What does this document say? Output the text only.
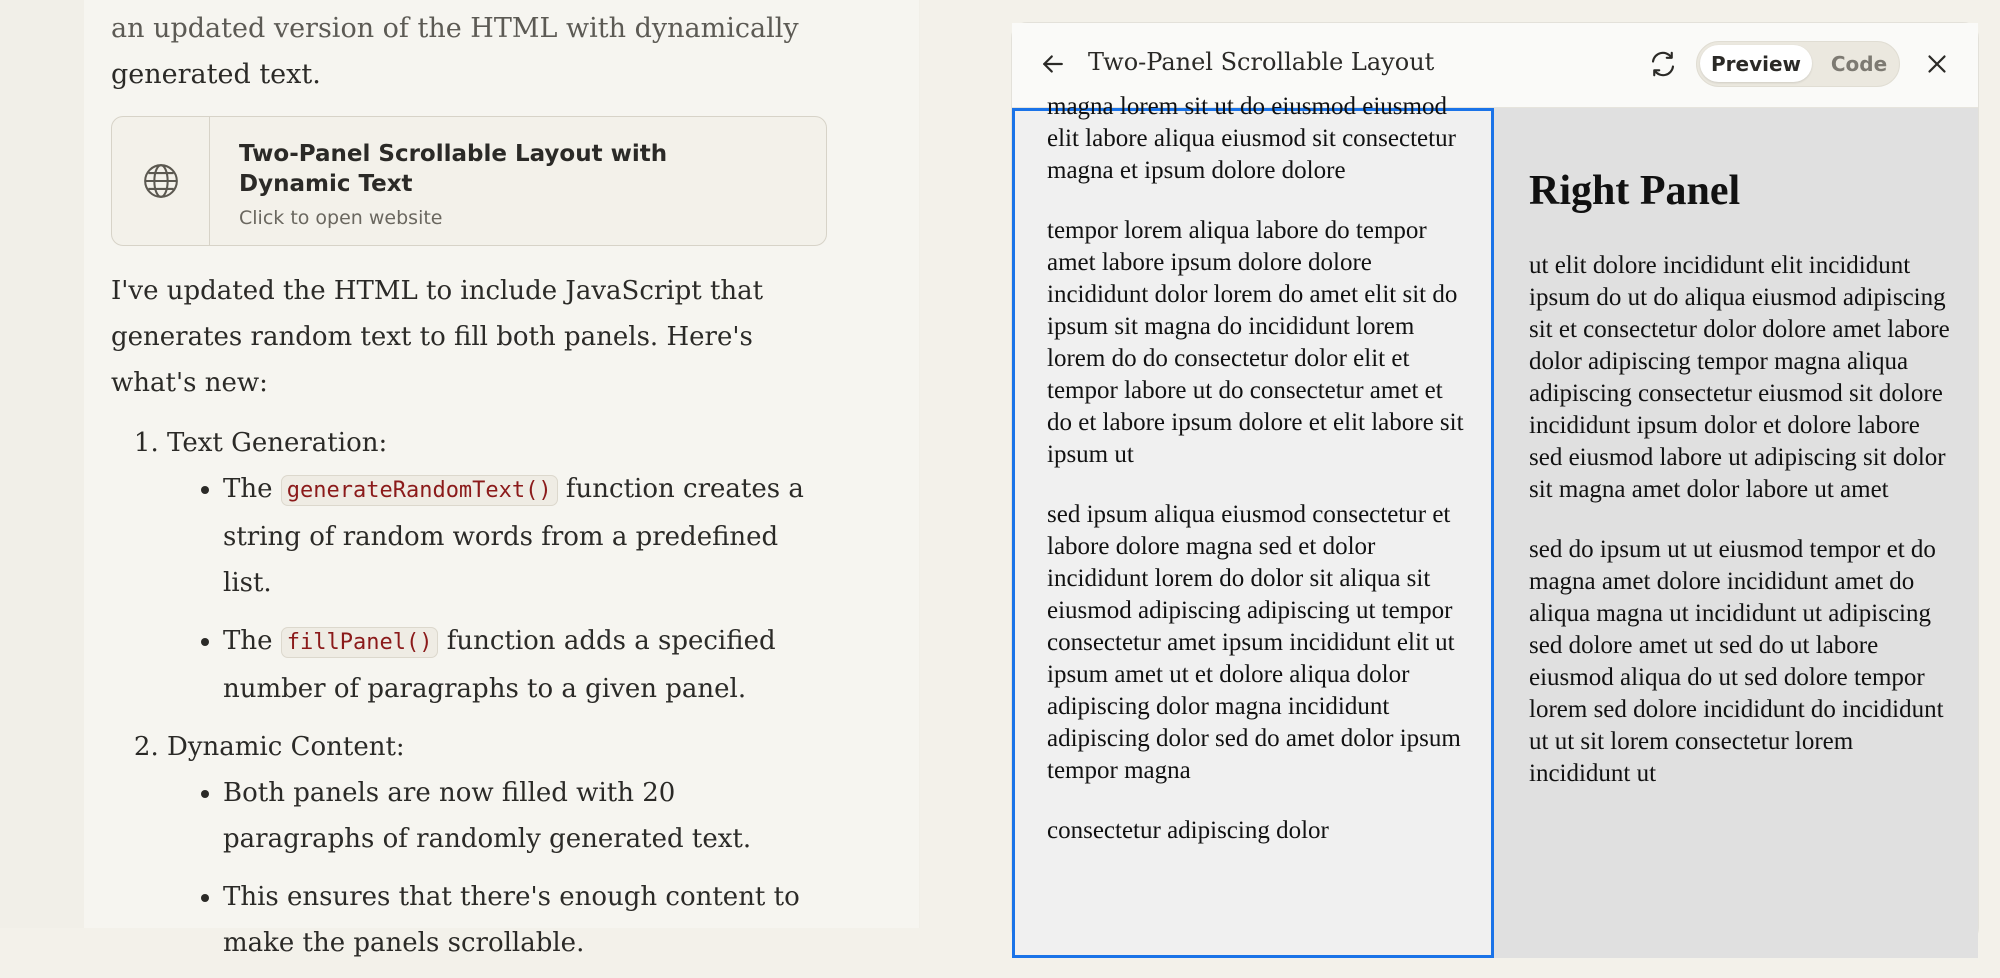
an updated version of the HTML with dynamically
generated text.

Two-Panel Scrollable Layout with Dynamic Text
Click to open website

I've updated the HTML to include JavaScript that generates random text to fill both panels. Here's what's new:

1. Text Generation:
• The generateRandomText() function creates a string of random words from a predefined list.
• The fillPanel() function adds a specified number of paragraphs to a given panel.
2. Dynamic Content:
• Both panels are now filled with 20 paragraphs of randomly generated text.
• This ensures that there's enough content to make the panels scrollable.
Two-Panel Scrollable Layout	Preview	Code

magna lorem sit ut do eiusmod eiusmod elit labore aliqua eiusmod sit consectetur magna et ipsum dolore dolore

tempor lorem aliqua labore do tempor amet labore ipsum dolore dolore incididunt dolor lorem do amet elit sit do ipsum sit magna do incididunt lorem lorem do do consectetur dolor elit et tempor labore ut do consectetur amet et do et labore ipsum dolore et elit labore sit ipsum ut

sed ipsum aliqua eiusmod consectetur et labore dolore magna sed et dolor incididunt lorem do dolor sit aliqua sit eiusmod adipiscing adipiscing ut tempor consectetur amet ipsum incididunt elit ut ipsum amet ut et dolore aliqua dolor adipiscing dolor magna incididunt adipiscing dolor sed do amet dolor ipsum tempor magna

consectetur adipiscing dolor

Right Panel

ut elit dolore incididunt elit incididunt ipsum do ut do aliqua eiusmod adipiscing sit et consectetur dolor dolore amet labore dolor adipiscing tempor magna aliqua adipiscing consectetur eiusmod sit dolore incididunt ipsum dolor et dolore labore sed eiusmod labore ut adipiscing sit dolor sit magna amet dolor labore ut amet

sed do ipsum ut ut eiusmod tempor et do magna amet dolore incididunt amet do aliqua magna ut incididunt ut adipiscing sed dolore amet ut sed do ut labore eiusmod aliqua do ut sed dolore tempor lorem sed dolore incididunt do incididunt ut ut sit lorem consectetur lorem incididunt ut
